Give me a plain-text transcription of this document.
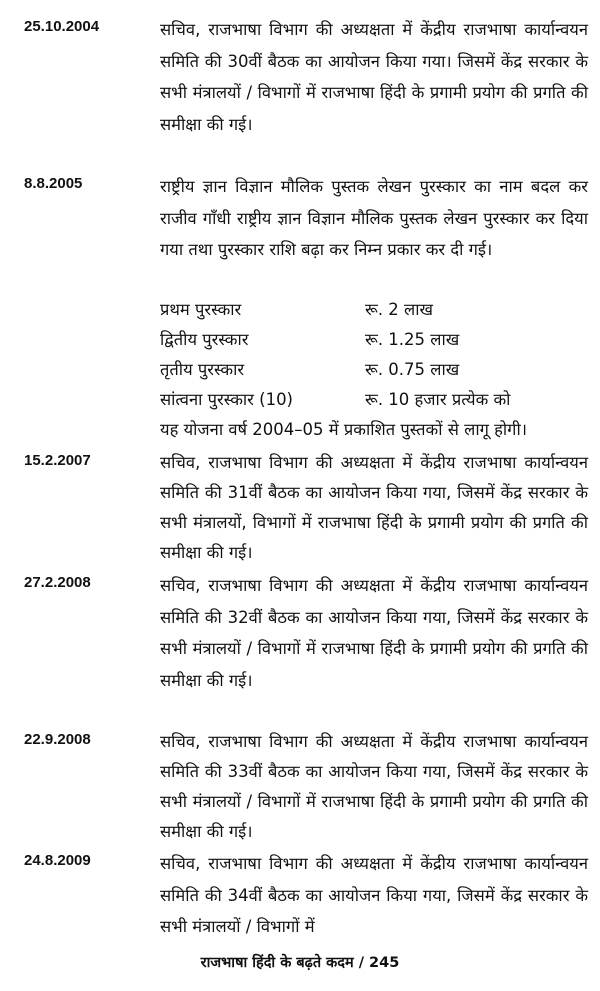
25.10.2004	सचिव, राजभाषा विभाग की अध्यक्षता में केंद्रीय राजभाषा कार्यान्वयन समिति की 30वीं बैठक का आयोजन किया गया। जिसमें केंद्र सरकार के सभी मंत्रालयों / विभागों में राजभाषा हिंदी के प्रगामी प्रयोग की प्रगति की समीक्षा की गई।
8.8.2005	राष्ट्रीय ज्ञान विज्ञान मौलिक पुस्तक लेखन पुरस्कार का नाम बदल कर राजीव गाँधी राष्ट्रीय ज्ञान विज्ञान मौलिक पुस्तक लेखन पुरस्कार कर दिया गया तथा पुरस्कार राशि बढ़ा कर निम्न प्रकार कर दी गई।
प्रथम पुरस्कार	रू. 2 लाख
द्वितीय पुरस्कार	रू. 1.25 लाख
तृतीय पुरस्कार	रू. 0.75 लाख
सांत्वना पुरस्कार (10)	रू. 10 हजार प्रत्येक को
यह योजना वर्ष 2004–05 में प्रकाशित पुस्तकों से लागू होगी।
15.2.2007	सचिव, राजभाषा विभाग की अध्यक्षता में केंद्रीय राजभाषा कार्यान्वयन समिति की 31वीं बैठक का आयोजन किया गया, जिसमें केंद्र सरकार के सभी मंत्रालयों, विभागों में राजभाषा हिंदी के प्रगामी प्रयोग की प्रगति की समीक्षा की गई।
27.2.2008	सचिव, राजभाषा विभाग की अध्यक्षता में केंद्रीय राजभाषा कार्यान्वयन समिति की 32वीं बैठक का आयोजन किया गया, जिसमें केंद्र सरकार के सभी मंत्रालयों / विभागों में राजभाषा हिंदी के प्रगामी प्रयोग की प्रगति की समीक्षा की गई।
22.9.2008	सचिव, राजभाषा विभाग की अध्यक्षता में केंद्रीय राजभाषा कार्यान्वयन समिति की 33वीं बैठक का आयोजन किया गया, जिसमें केंद्र सरकार के सभी मंत्रालयों / विभागों में राजभाषा हिंदी के प्रगामी प्रयोग की प्रगति की समीक्षा की गई।
24.8.2009	सचिव, राजभाषा विभाग की अध्यक्षता में केंद्रीय राजभाषा कार्यान्वयन समिति की 34वीं बैठक का आयोजन किया गया, जिसमें केंद्र सरकार के सभी मंत्रालयों / विभागों में
राजभाषा हिंदी के बढ़ते कदम / 245
